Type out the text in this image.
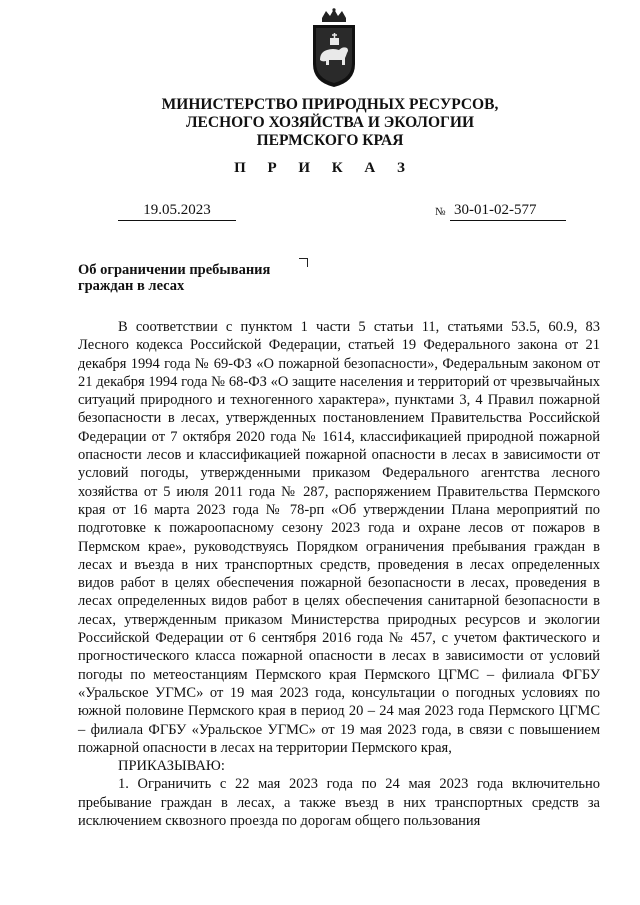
МИНИСТЕРСТВО ПРИРОДНЫХ РЕСУРСОВ,
ЛЕСНОГО ХОЗЯЙСТВА И ЭКОЛОГИИ
ПЕРМСКОГО КРАЯ
П Р И К А З
19.05.2023	№ 30-01-02-577
Об ограничении пребывания
граждан в лесах

В соответствии с пунктом 1 части 5 статьи 11, статьями 53.5, 60.9, 83 Лесного кодекса Российской Федерации, статьей 19 Федерального закона от 21 декабря 1994 года № 69-ФЗ «О пожарной безопасности», Федеральным законом от 21 декабря 1994 года № 68-ФЗ «О защите населения и территорий от чрезвычайных ситуаций природного и техногенного характера», пунктами 3, 4 Правил пожарной безопасности в лесах, утвержденных постановлением Правительства Российской Федерации от 7 октября 2020 года № 1614, классификацией природной пожарной опасности лесов и классификацией пожарной опасности в лесах в зависимости от условий погоды, утвержденными приказом Федерального агентства лесного хозяйства от 5 июля 2011 года № 287, распоряжением Правительства Пермского края от 16 марта 2023 года № 78-рп «Об утверждении Плана мероприятий по подготовке к пожароопасному сезону 2023 года и охране лесов от пожаров в Пермском крае», руководствуясь Порядком ограничения пребывания граждан в лесах и въезда в них транспортных средств, проведения в лесах определенных видов работ в целях обеспечения пожарной безопасности в лесах, проведения в лесах определенных видов работ в целях обеспечения санитарной безопасности в лесах, утвержденным приказом Министерства природных ресурсов и экологии Российской Федерации от 6 сентября 2016 года № 457, с учетом фактического и прогностического класса пожарной опасности в лесах в зависимости от условий погоды по метеостанциям Пермского края Пермского ЦГМС – филиала ФГБУ «Уральское УГМС» от 19 мая 2023 года, консультации о погодных условиях по южной половине Пермского края в период 20 – 24 мая 2023 года Пермского ЦГМС – филиала ФГБУ «Уральское УГМС» от 19 мая 2023 года, в связи с повышением пожарной опасности в лесах на территории Пермского края,

ПРИКАЗЫВАЮ:

1. Ограничить с 22 мая 2023 года по 24 мая 2023 года включительно пребывание граждан в лесах, а также въезд в них транспортных средств за исключением сквозного проезда по дорогам общего пользования
